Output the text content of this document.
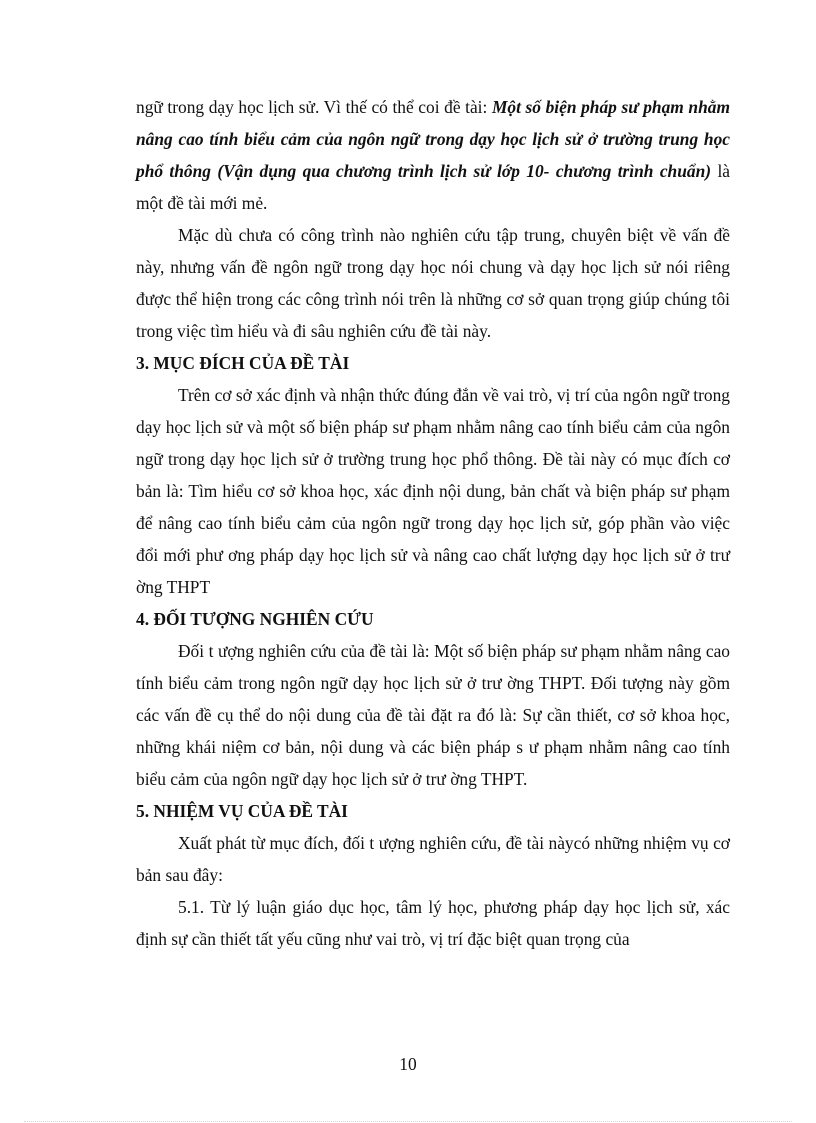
ngữ trong dạy học lịch sử. Vì thế có thể coi đề tài: Một số biện pháp sư phạm nhằm nâng cao tính biểu cảm của ngôn ngữ trong dạy học lịch sử ở trường trung học phổ thông (Vận dụng qua chương trình lịch sử lớp 10- chương trình chuẩn) là một đề tài mới mẻ.

Mặc dù chưa có công trình nào nghiên cứu tập trung, chuyên biệt về vấn đề này, nhưng vấn đề ngôn ngữ trong dạy học nói chung và dạy học lịch sử nói riêng được thể hiện trong các công trình nói trên là những cơ sở quan trọng giúp chúng tôi trong việc tìm hiểu và đi sâu nghiên cứu đề tài này.

3. MỤC ĐÍCH CỦA ĐỀ TÀI

Trên cơ sở xác định và nhận thức đúng đắn về vai trò, vị trí của ngôn ngữ trong dạy học lịch sử và một số biện pháp sư phạm nhằm nâng cao tính biểu cảm của ngôn ngữ trong dạy học lịch sử ở trường trung học phổ thông. Đề tài này có mục đích cơ bản là: Tìm hiểu cơ sở khoa học, xác định nội dung, bản chất và biện pháp sư phạm để nâng cao tính biểu cảm của ngôn ngữ trong dạy học lịch sử, góp phần vào việc đổi mới phư ơng pháp dạy học lịch sử và nâng cao chất lượng dạy học lịch sử ở trư ờng THPT

4. ĐỐI TƯỢNG NGHIÊN CỨU

Đối t ượng nghiên cứu của đề tài là: Một số biện pháp sư phạm nhằm nâng cao tính biểu cảm trong ngôn ngữ dạy học lịch sử ở trư ờng THPT. Đối tượng này gồm các vấn đề cụ thể do nội dung của đề tài đặt ra đó là: Sự cần thiết, cơ sở khoa học, những khái niệm cơ bản, nội dung và các biện pháp s ư phạm nhằm nâng cao tính biểu cảm của ngôn ngữ dạy học lịch sử ở trư ờng THPT.

5. NHIỆM VỤ CỦA ĐỀ TÀI

Xuất phát từ mục đích, đối t ượng nghiên cứu, đề tài nàycó những nhiệm vụ cơ bản sau đây:

5.1. Từ lý luận giáo dục học, tâm lý học, phương pháp dạy học lịch sử, xác định sự cần thiết tất yếu cũng như vai trò, vị trí đặc biệt quan trọng của

10
